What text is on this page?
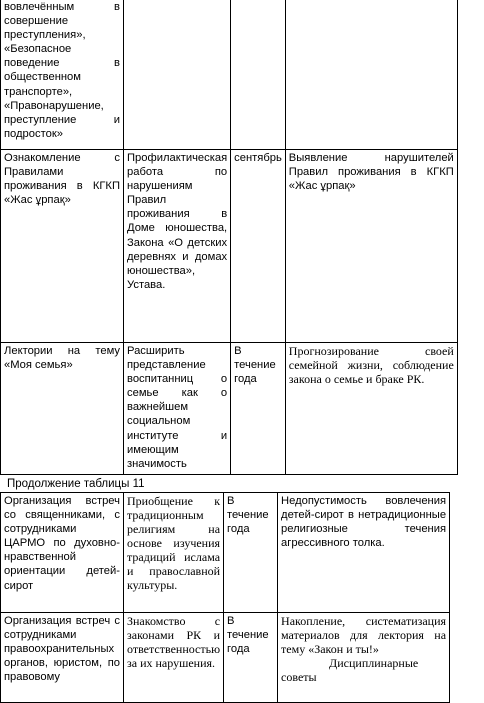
вовлечённым в совершение преступления», «Безопасное поведение в общественном транспорте», «Правонарушение, преступление и подросток»			
Ознакомление с Правилами проживания в КГКП «Жас ұрпақ»	Профилактическая работа по нарушениям Правил проживания в Доме юношества, Закона «О детских деревнях и домах юношества», Устава.	сентябрь	Выявление нарушителей Правил проживания в КГКП «Жас ұрпақ»
Лектории на тему «Моя семья»	Расширить представление воспитанниц о семье как о важнейшем социальном институте и имеющим значимость	В течение года	Прогнозирование своей семейной жизни, соблюдение закона о семье и браке РК.
Продолжение таблицы 11
Организация встреч со священниками, с сотрудниками ЦАРМО по духовно-нравственной ориентации детей-сирот	Приобщение к традиционным религиям на основе изучения традиций ислама и православной культуры.	В течение года	Недопустимость вовлечения детей-сирот в нетрадиционные религиозные течения агрессивного толка.
Организация встреч с сотрудниками правоохранительных органов, юристом, по правовому	Знакомство с законами РК и ответственностью за их нарушения.	В течение года	Накопление, систематизация материалов для лектория на тему «Закон и ты!»
Дисциплинарные советы
